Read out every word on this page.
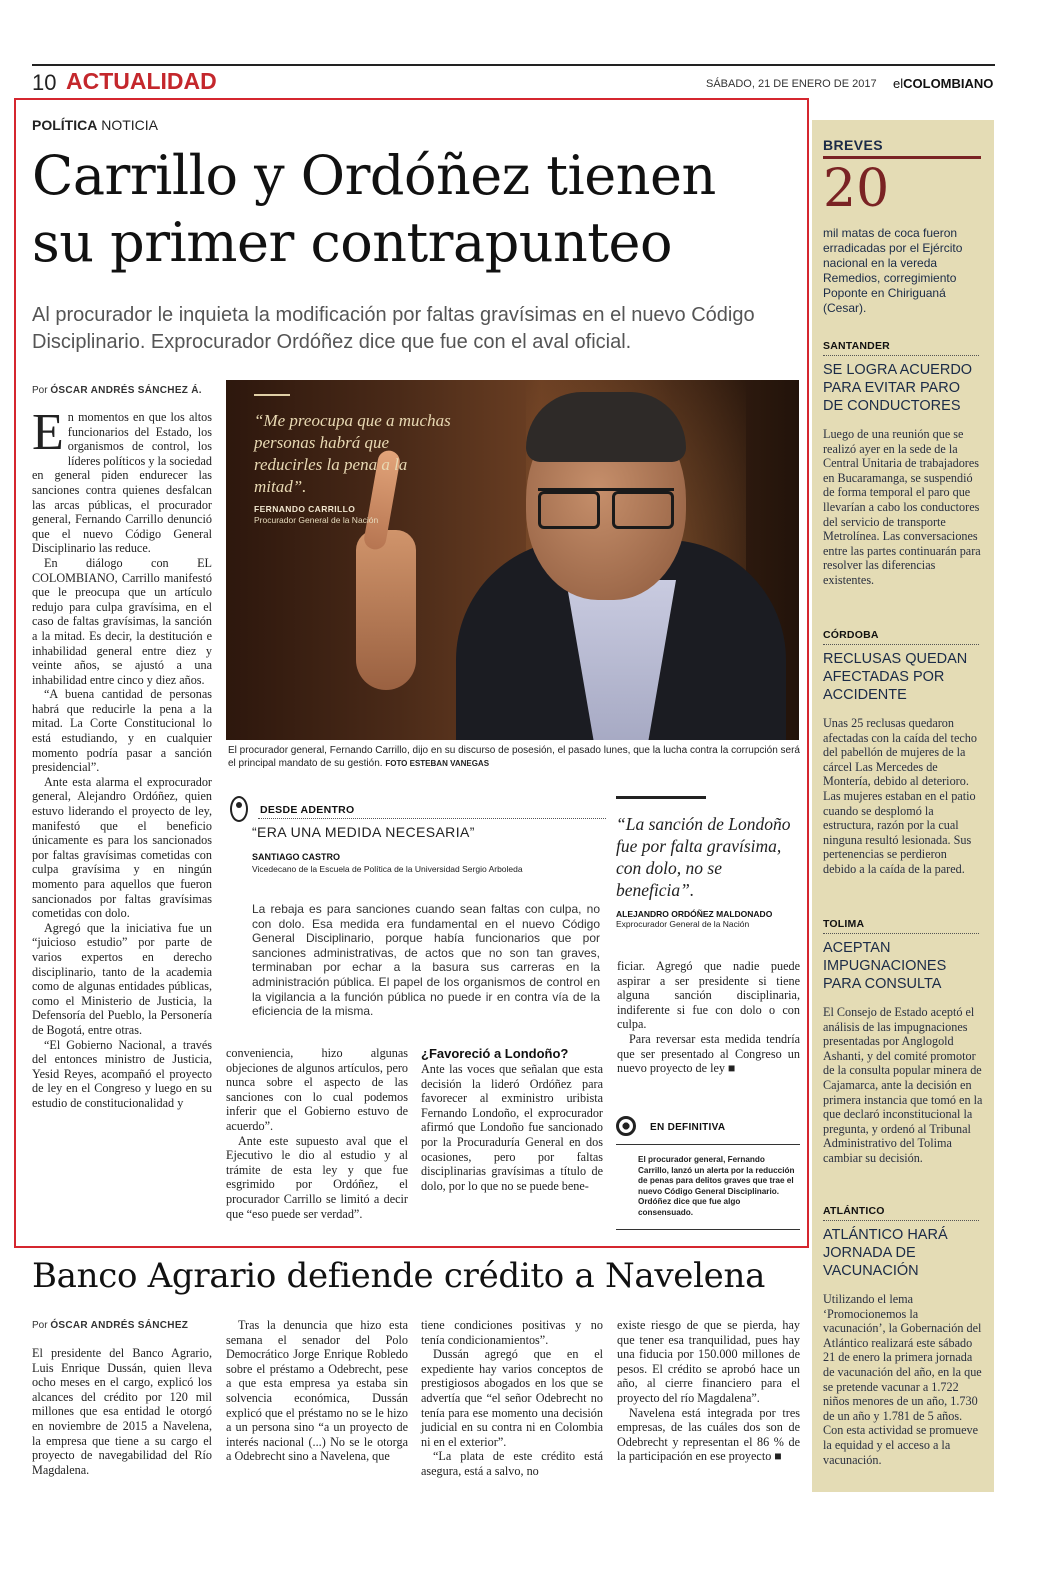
10 ACTUALIDAD	SÁBADO, 21 DE ENERO DE 2017 elCOLOMBIANO
POLÍTICA NOTICIA
Carrillo y Ordóñez tienen
su primer contrapunteo

Al procurador le inquieta la modificación por faltas gravísimas en el nuevo Código Disciplinario. Exprocurador Ordóñez dice que fue con el aval oficial.

Por ÓSCAR ANDRÉS SÁNCHEZ Á.

En momentos en que los altos funcionarios del Estado, los organismos de control, los líderes políticos y la sociedad en general piden endurecer las sanciones contra quienes desfalcan las arcas públicas, el procurador general, Fernando Carrillo denunció que el nuevo Código General Disciplinario las reduce.

En diálogo con EL COLOMBIANO, Carrillo manifestó que le preocupa que un artículo redujo para culpa gravísima, en el caso de faltas gravísimas, la sanción a la mitad. Es decir, la destitución e inhabilidad general entre diez y veinte años, se ajustó a una inhabilidad entre cinco y diez años.

“A buena cantidad de personas habrá que reducirle la pena a la mitad. La Corte Constitucional lo está estudiando, y en cualquier momento podría pasar a sanción presidencial”.

Ante esta alarma el exprocurador general, Alejandro Ordóñez, quien estuvo liderando el proyecto de ley, manifestó que el beneficio únicamente es para los sancionados por faltas gravísimas cometidas con culpa gravísima y en ningún momento para aquellos que fueron sancionados por faltas gravísimas cometidas con dolo.

Agregó que la iniciativa fue un “juicioso estudio” por parte de varios expertos en derecho disciplinario, tanto de la academia como de algunas entidades públicas, como el Ministerio de Justicia, la Defensoría del Pueblo, la Personería de Bogotá, entre otras.

“El Gobierno Nacional, a través del entonces ministro de Justicia, Yesid Reyes, acompañó el proyecto de ley en el Congreso y luego en su estudio de constitucionalidad y

“Me preocupa que a muchas personas habrá que reducirles la pena a la mitad”.
FERNANDO CARRILLO
Procurador General de la Nación

El procurador general, Fernando Carrillo, dijo en su discurso de posesión, el pasado lunes, que la lucha contra la corrupción será el principal mandato de su gestión. FOTO ESTEBAN VANEGAS

DESDE ADENTRO
“ERA UNA MEDIDA NECESARIA”
SANTIAGO CASTRO
Vicedecano de la Escuela de Política de la Universidad Sergio Arboleda

La rebaja es para sanciones cuando sean faltas con culpa, no con dolo. Esa medida era fundamental en el nuevo Código General Disciplinario, porque había funcionarios que por sanciones administrativas, de actos que no son tan graves, terminaban por echar a la basura sus carreras en la administración pública. El papel de los organismos de control en la vigilancia a la función pública no puede ir en contra vía de la eficiencia de la misma.

“La sanción de Londoño fue por falta gravísima, con dolo, no se beneficia”.
ALEJANDRO ORDÓÑEZ MALDONADO
Exprocurador General de la Nación

conveniencia, hizo algunas objeciones de algunos artículos, pero nunca sobre el aspecto de las sanciones con lo cual podemos inferir que el Gobierno estuvo de acuerdo”.

Ante este supuesto aval que el Ejecutivo le dio al estudio y al trámite de esta ley y que fue esgrimido por Ordóñez, el procurador Carrillo se limitó a decir que “eso puede ser verdad”.

¿Favoreció a Londoño?

Ante las voces que señalan que esta decisión la lideró Ordóñez para favorecer al exministro uribista Fernando Londoño, el exprocurador afirmó que Londoño fue sancionado por la Procuraduría General en dos ocasiones, pero por faltas disciplinarias gravísimas a título de dolo, por lo que no se puede bene-

ficiar. Agregó que nadie puede aspirar a ser presidente si tiene alguna sanción disciplinaria, indiferente si fue con dolo o con culpa.

Para reversar esta medida tendría que ser presentado al Congreso un nuevo proyecto de ley ■

EN DEFINITIVA
El procurador general, Fernando Carrillo, lanzó un alerta por la reducción de penas para delitos graves que trae el nuevo Código General Disciplinario. Ordóñez dice que fue algo consensuado.
BREVES
20
mil matas de coca fueron erradicadas por el Ejército nacional en la vereda Remedios, corregimiento Poponte en Chiriguaná (Cesar).
SANTANDER
SE LOGRA ACUERDO PARA EVITAR PARO DE CONDUCTORES
Luego de una reunión que se realizó ayer en la sede de la Central Unitaria de trabajadores en Bucaramanga, se suspendió de forma temporal el paro que llevarían a cabo los conductores del servicio de transporte Metrolínea. Las conversaciones entre las partes continuarán para resolver las diferencias existentes.
CÓRDOBA
RECLUSAS QUEDAN AFECTADAS POR ACCIDENTE
Unas 25 reclusas quedaron afectadas con la caída del techo del pabellón de mujeres de la cárcel Las Mercedes de Montería, debido al deterioro. Las mujeres estaban en el patio cuando se desplomó la estructura, razón por la cual ninguna resultó lesionada. Sus pertenencias se perdieron debido a la caída de la pared.
TOLIMA
ACEPTAN IMPUGNACIONES PARA CONSULTA
El Consejo de Estado aceptó el análisis de las impugnaciones presentadas por Anglogold Ashanti, y del comité promotor de la consulta popular minera de Cajamarca, ante la decisión en primera instancia que tomó en la que declaró inconstitucional la pregunta, y ordenó al Tribunal Administrativo del Tolima cambiar su decisión.
ATLÁNTICO
ATLÁNTICO HARÁ JORNADA DE VACUNACIÓN
Utilizando el lema ‘Promocionemos la vacunación’, la Gobernación del Atlántico realizará este sábado 21 de enero la primera jornada de vacunación del año, en la que se pretende vacunar a 1.722 niños menores de un año, 1.730 de un año y 1.781 de 5 años. Con esta actividad se promueve la equidad y el acceso a la vacunación.
Banco Agrario defiende crédito a Navelena
Por ÓSCAR ANDRÉS SÁNCHEZ

El presidente del Banco Agrario, Luis Enrique Dussán, quien lleva ocho meses en el cargo, explicó los alcances del crédito por 120 mil millones que esa entidad le otorgó en noviembre de 2015 a Navelena, la empresa que tiene a su cargo el proyecto de navegabilidad del Río Magdalena.

Tras la denuncia que hizo esta semana el senador del Polo Democrático Jorge Enrique Robledo sobre el préstamo a Odebrecht, pese a que esta empresa ya estaba sin solvencia económica, Dussán explicó que el préstamo no se le hizo a un persona sino “a un proyecto de interés nacional (...) No se le otorga a Odebrecht sino a Navelena, que

tiene condiciones positivas y no tenía condicionamientos”.

Dussán agregó que en el expediente hay varios conceptos de prestigiosos abogados en los que se advertía que “el señor Odebrecht no tenía para ese momento una decisión judicial en su contra ni en Colombia ni en el exterior”.

“La plata de este crédito está asegura, está a salvo, no

existe riesgo de que se pierda, hay que tener esa tranquilidad, pues hay una fiducia por 150.000 millones de pesos. El crédito se aprobó hace un año, al cierre financiero para el proyecto del río Magdalena”.

Navelena está integrada por tres empresas, de las cuáles dos son de Odebrecht y representan el 86 % de la participación en ese proyecto ■
